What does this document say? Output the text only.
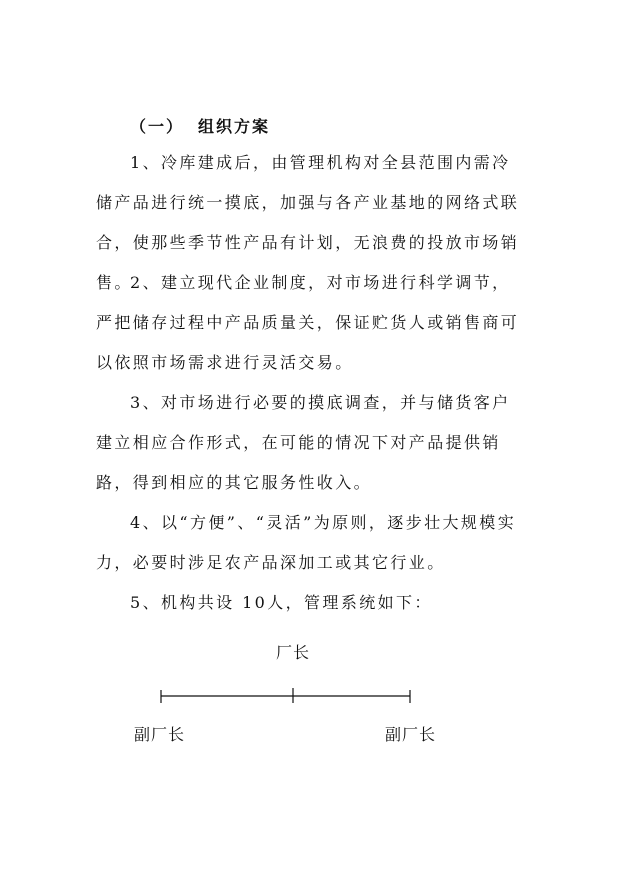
（一） 组织方案

1、冷库建成后，由管理机构对全县范围内需冷储产品进行统一摸底，加强与各产业基地的网络式联合，使那些季节性产品有计划，无浪费的投放市场销售。

2、建立现代企业制度，对市场进行科学调节，严把储存过程中产品质量关，保证贮货人或销售商可以依照市场需求进行灵活交易。

3、对市场进行必要的摸底调查，并与储货客户建立相应合作形式，在可能的情况下对产品提供销路，得到相应的其它服务性收入。

4、以“方便”、“灵活”为原则，逐步壮大规模实力，必要时涉足农产品深加工或其它行业。

5、机构共设 10人，管理系统如下：

厂长
副厂长	副厂长
